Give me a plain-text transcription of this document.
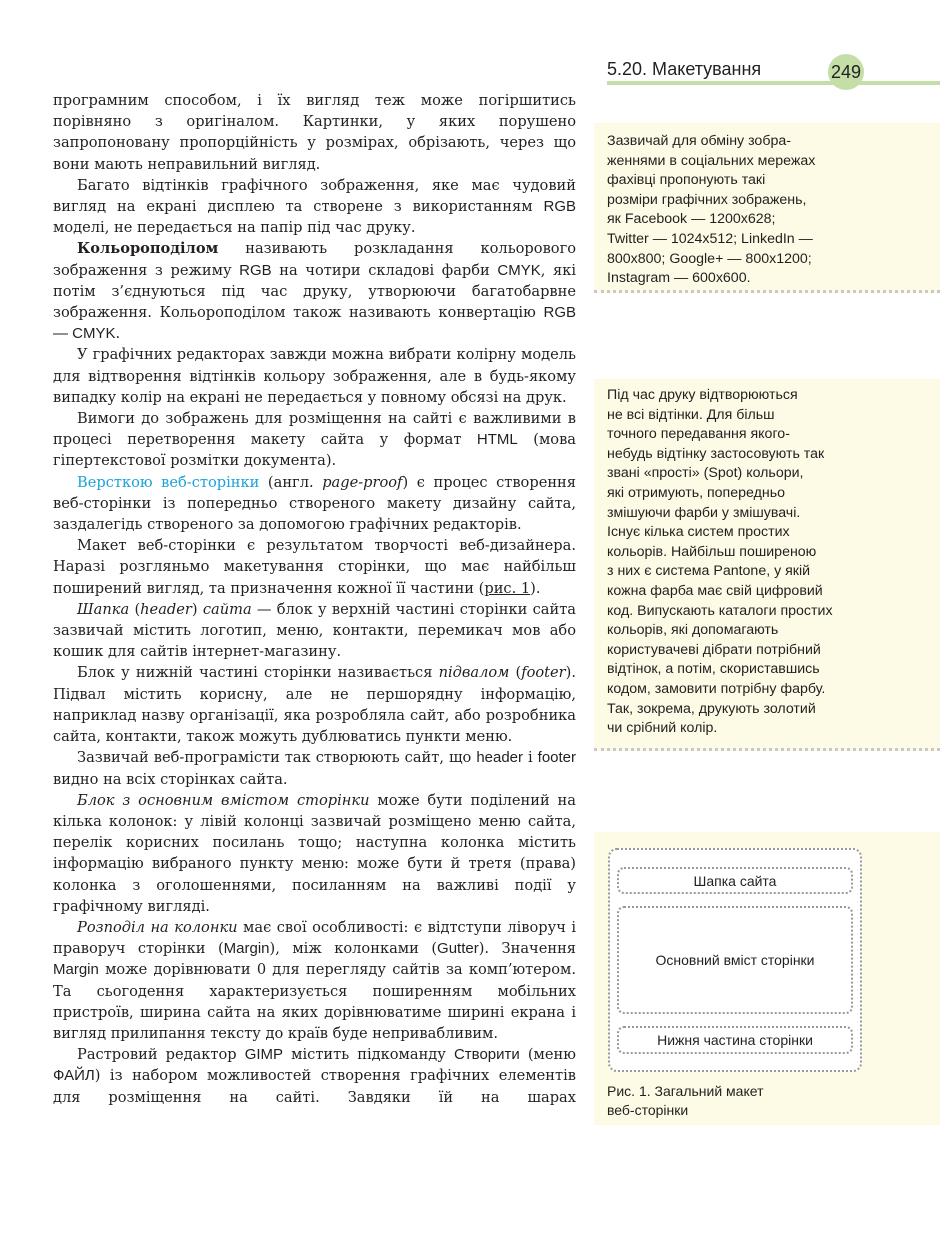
5.20. Макетування	249

програмним способом, і їх вигляд теж може погіршитись порівняно з оригіналом. Картинки, у яких порушено запропоновану пропорційність у розмірах, обрізають, через що вони мають неправильний вигляд.

Багато відтінків графічного зображення, яке має чудовий вигляд на екрані дисплею та створене з використанням RGB моделі, не передається на папір під час друку.

Кольороподілом називають розкладання кольорового зображення з режиму RGB на чотири складові фарби CMYK, які потім з’єднуються під час друку, утворюючи багатобарвне зображення. Кольороподілом також називають конвертацію RGB — CMYK.

У графічних редакторах завжди можна вибрати колірну модель для відтворення відтінків кольору зображення, але в будь-якому випадку колір на екрані не передається у повному обсязі на друк.

Вимоги до зображень для розміщення на сайті є важливими в процесі перетворення макету сайта у формат HTML (мова гіпертекстової розмітки документа).

Версткою веб-сторінки (англ. page-proof) є процес створення веб-сторінки із попередньо створеного макету дизайну сайта, заздалегідь створеного за допомогою графічних редакторів.

Макет веб-сторінки є результатом творчості веб-дизайнера. Наразі розгляньмо макетування сторінки, що має найбільш поширений вигляд, та призначення кожної її частини (рис. 1).

Шапка (header) сайта — блок у верхній частині сторінки сайта зазвичай містить логотип, меню, контакти, перемикач мов або кошик для сайтів інтернет-магазину.

Блок у нижній частині сторінки називається підвалом (footer). Підвал містить корисну, але не першорядну інформацію, наприклад назву організації, яка розробляла сайт, або розробника сайта, контакти, також можуть дублюватись пункти меню.

Зазвичай веб-програмісти так створюють сайт, що header і footer видно на всіх сторінках сайта.

Блок з основним вмістом сторінки може бути поділений на кілька колонок: у лівій колонці зазвичай розміщено меню сайта, перелік корисних посилань тощо; наступна колонка містить інформацію вибраного пункту меню: може бути й третя (права) колонка з оголошеннями, посиланням на важливі події у графічному вигляді.

Розподіл на колонки має свої особливості: є відтступи ліворуч і праворуч сторінки (Margin), між колонками (Gutter). Значення Margin може дорівнювати 0 для перегляду сайтів за комп’ютером. Та сьогодення характеризується поширенням мобільних пристроїв, ширина сайта на яких дорівнюватиме ширині екрана і вигляд прилипання тексту до країв буде непривабливим.

Растровий редактор GIMP містить підкоманду Створити (меню ФАЙЛ) із набором можливостей створення графічних елементів для розміщення на сайті. Завдяки їй на шарах

Зазвичай для обміну зобра-
женнями в соціальних мережах
фахівці пропонують такі
розміри графічних зображень,
як Facebook — 1200x628;
Twitter — 1024x512; LinkedIn —
800x800; Google+ — 800x1200;
Instagram — 600x600.
Під час друку відтворюються
не всі відтінки. Для більш
точного передавання якого-
небудь відтінку застосовують так
звані «прості» (Spot) кольори,
які отримують, попередньо
змішуючи фарби у змішувачі.
Існує кілька систем простих
кольорів. Найбільш поширеною
з них є система Pantone, у якій
кожна фарба має свій цифровий
код. Випускають каталоги простих
кольорів, які допомагають
користувачеві дібрати потрібний
відтінок, а потім, скориставшись
кодом, замовити потрібну фарбу.
Так, зокрема, друкують золотий
чи срібний колір.
Шапка сайта
Основний вміст сторінки
Нижня частина сторінки
Рис. 1. Загальний макет
веб-сторінки
